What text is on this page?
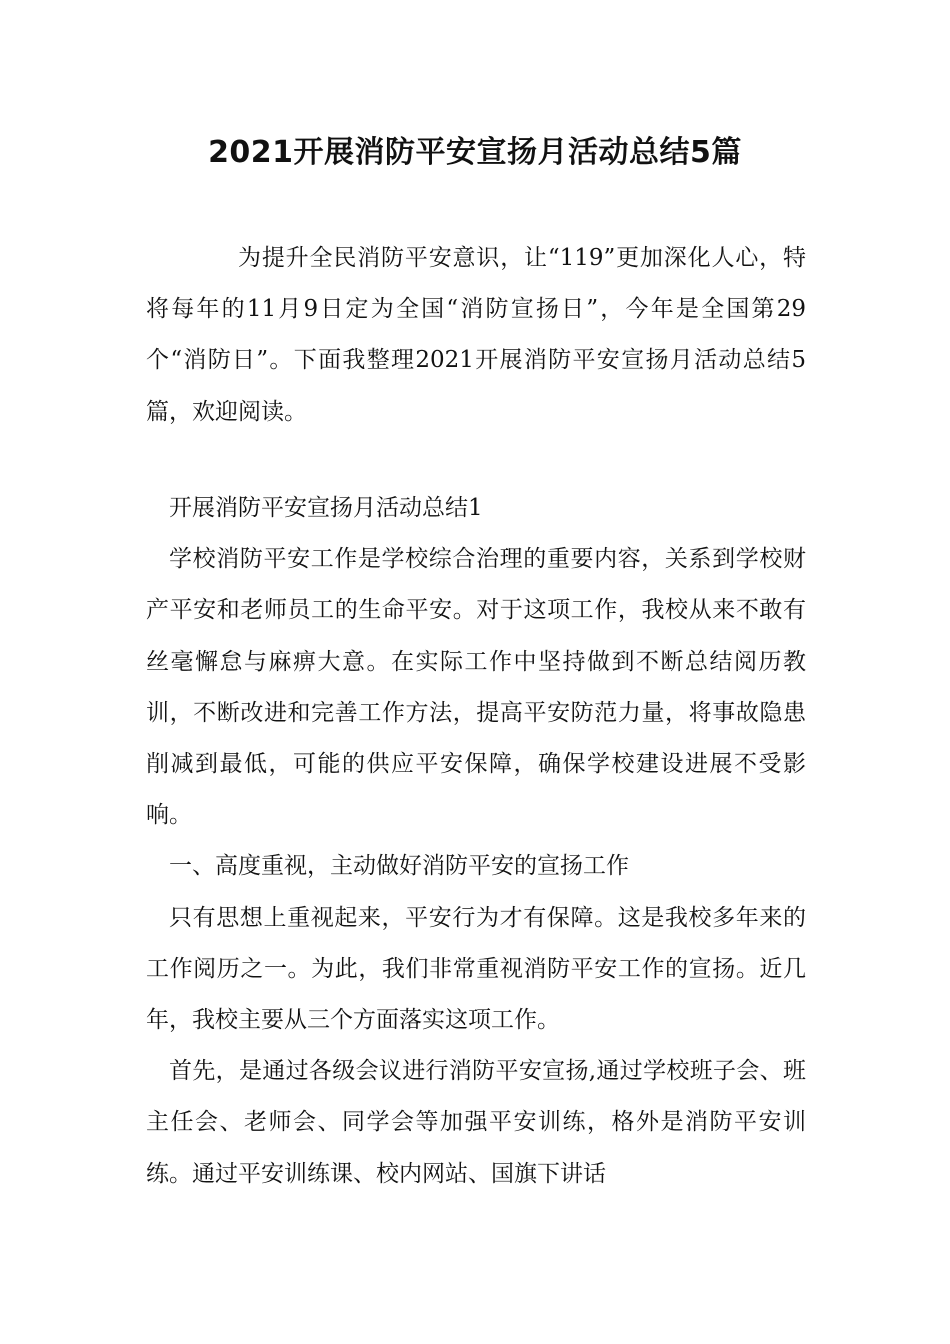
2021开展消防平安宣扬月活动总结5篇

为提升全民消防平安意识，让“119”更加深化人心，特将每年的11月9日定为全国“消防宣扬日”，今年是全国第29个“消防日”。下面我整理2021开展消防平安宣扬月活动总结5篇，欢迎阅读。

开展消防平安宣扬月活动总结1

学校消防平安工作是学校综合治理的重要内容，关系到学校财产平安和老师员工的生命平安。对于这项工作，我校从来不敢有丝毫懈怠与麻痹大意。在实际工作中坚持做到不断总结阅历教训，不断改进和完善工作方法，提高平安防范力量，将事故隐患削减到最低，可能的供应平安保障，确保学校建设进展不受影响。

一、高度重视，主动做好消防平安的宣扬工作

只有思想上重视起来，平安行为才有保障。这是我校多年来的工作阅历之一。为此，我们非常重视消防平安工作的宣扬。近几年，我校主要从三个方面落实这项工作。

首先，是通过各级会议进行消防平安宣扬,通过学校班子会、班主任会、老师会、同学会等加强平安训练，格外是消防平安训练。通过平安训练课、校内网站、国旗下讲话
